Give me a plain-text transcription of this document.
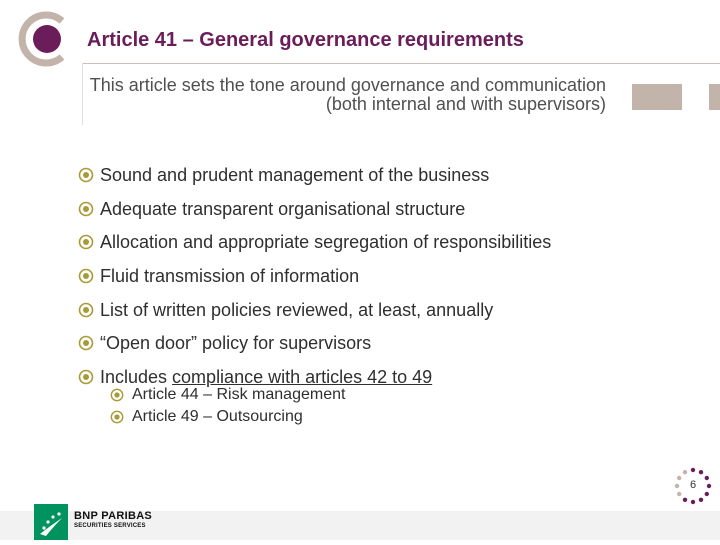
Article 41 – General governance requirements
This article sets the tone around governance and communication (both internal and with supervisors)
Sound and prudent management of the business
Adequate transparent organisational structure
Allocation and appropriate segregation of responsibilities
Fluid transmission of information
List of written policies reviewed, at least, annually
“Open door” policy for supervisors
Includes compliance with articles 42 to 49
Article 44 – Risk management
Article 49 – Outsourcing
6
BNP PARIBAS
SECURITIES SERVICES
